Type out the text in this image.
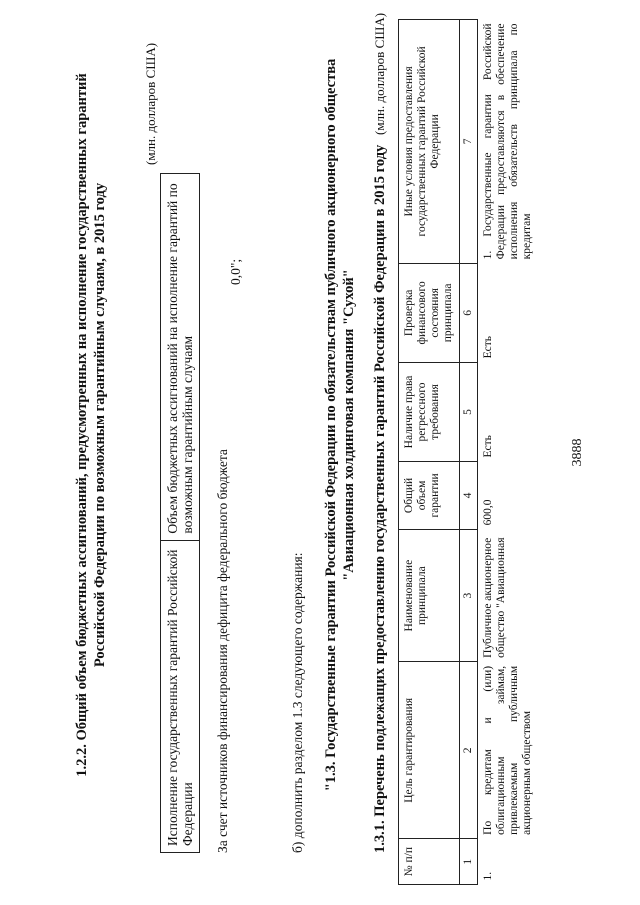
3888
1.2.2. Общий объем бюджетных ассигнований, предусмотренных на исполнение государственных гарантий Российской Федерации по возможным гарантийным случаям, в 2015 году
(млн. долларов США)
Исполнение государственных гарантий Российской Федерации	Объем бюджетных ассигнований на исполнение гарантий по возможным гарантийным случаям
За счет источников финансирования дефицита федерального бюджета
0,0";
б) дополнить разделом 1.3 следующего содержания: "1.3. Государственные гарантии Российской Федерации по обязательствам публичного акционерного общества "Авиационная холдинговая компания "Сухой" 1.3.1. Перечень подлежащих предоставлению государственных гарантий Российской Федерации в 2015 году
(млн. долларов США)
№ п/п	Цель гарантирования	Наименование принципала	Общий объем гарантии	Наличие права регрессного требования	Проверка финансового состояния принципала	Иные условия предоставления государственных гарантий Российской Федерации
1	2	3	4	5	6	7
1.	По кредитам и (или) облигационным займам, привлекаемым публичным акционерным обществом	Публичное акционерное общество "Авиационная	600,0	Есть	Есть	1. Государственные гарантии Российской Федерации предоставляются в обеспечение исполнения обязательств принципала по кредитам
